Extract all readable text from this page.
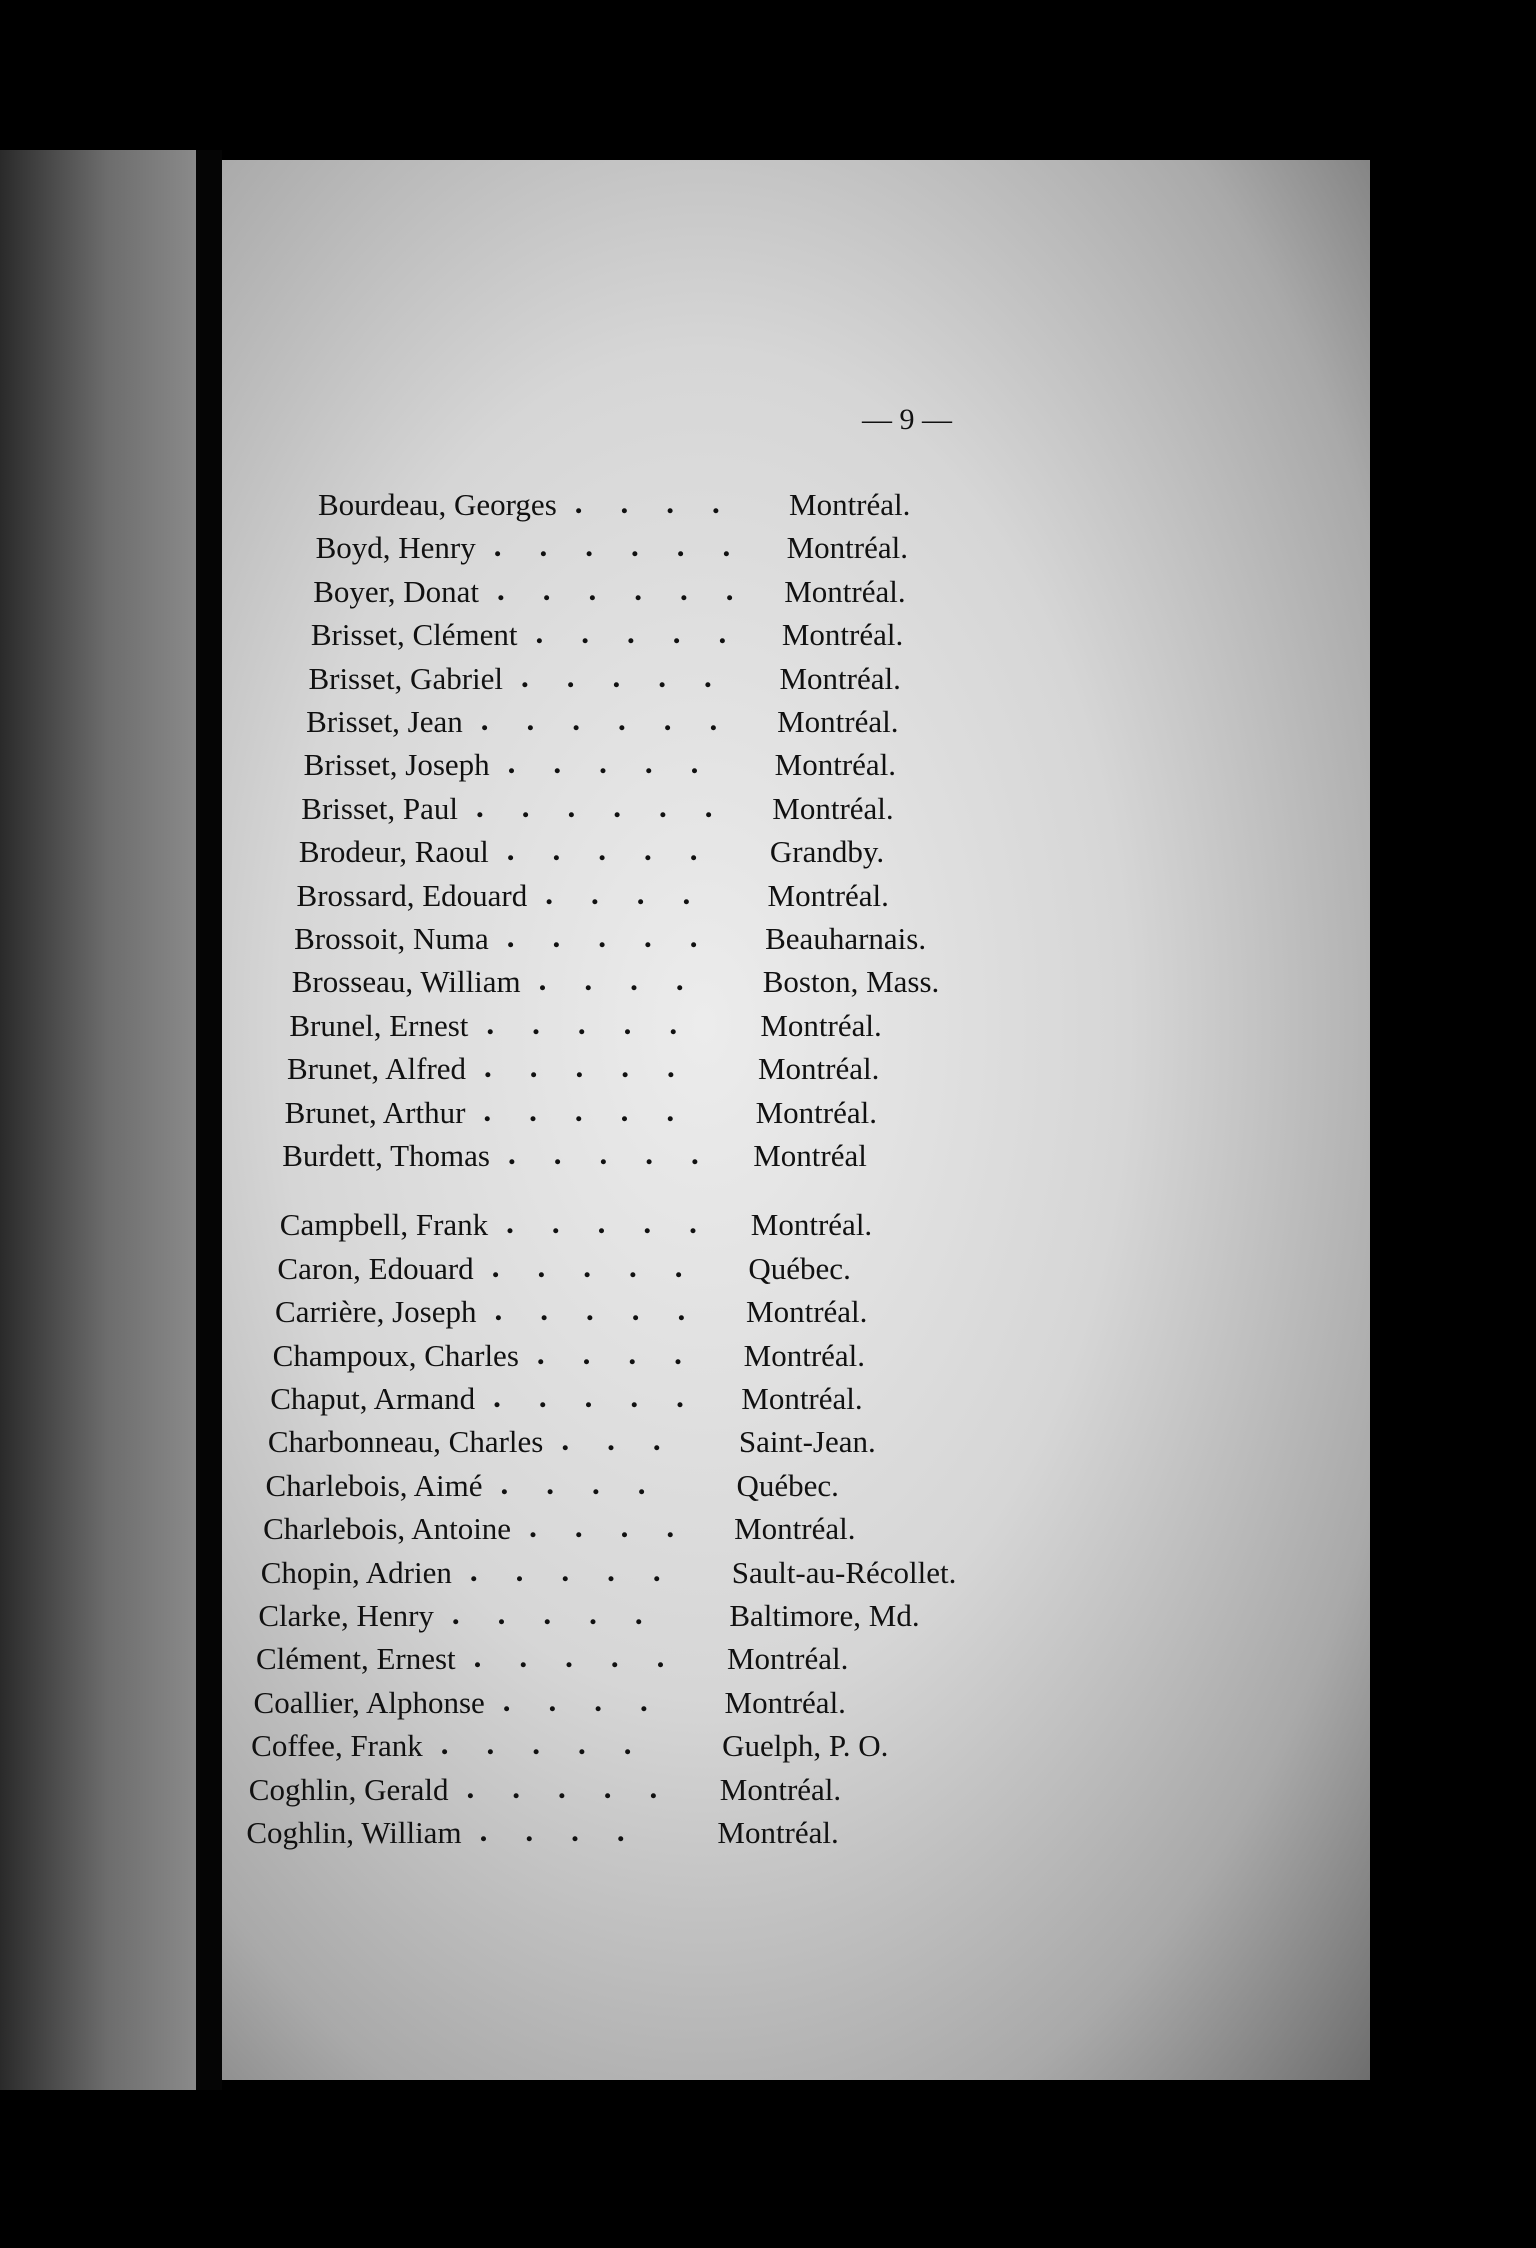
— 9 —
Bourdeau, Georges	Montréal.
....
Boyd, Henry	Montréal.
......
Boyer, Donat	Montréal.
......
Brisset, Clément	Montréal.
.....
Brisset, Gabriel	Montréal.
.....
Brisset, Jean	Montréal.
......
Brisset, Joseph	Montréal.
.....
Brisset, Paul	Montréal.
......
Brodeur, Raoul	Grandby.
.....
Brossard, Edouard	Montréal.
....
Brossoit, Numa	Beauharnais.
.....
Brosseau, William	Boston, Mass.
....
Brunel, Ernest	Montréal.
.....
Brunet, Alfred	Montréal.
.....
Brunet, Arthur	Montréal.
.....
Burdett, Thomas	Montréal
.....
Campbell, Frank	Montréal.
.....
Caron, Edouard	Québec.
.....
Carrière, Joseph	Montréal.
.....
Champoux, Charles	Montréal.
....
Chaput, Armand	Montréal.
.....
Charbonneau, Charles	Saint-Jean.
...
Charlebois, Aimé	Québec.
....
Charlebois, Antoine	Montréal.
....
Chopin, Adrien	Sault-au-Récollet.
.....
Clarke, Henry	Baltimore, Md.
.....
Clément, Ernest	Montréal.
.....
Coallier, Alphonse	Montréal.
....
Coffee, Frank	Guelph, P. O.
.....
Coghlin, Gerald	Montréal.
.....
Coghlin, William	Montréal.
....
